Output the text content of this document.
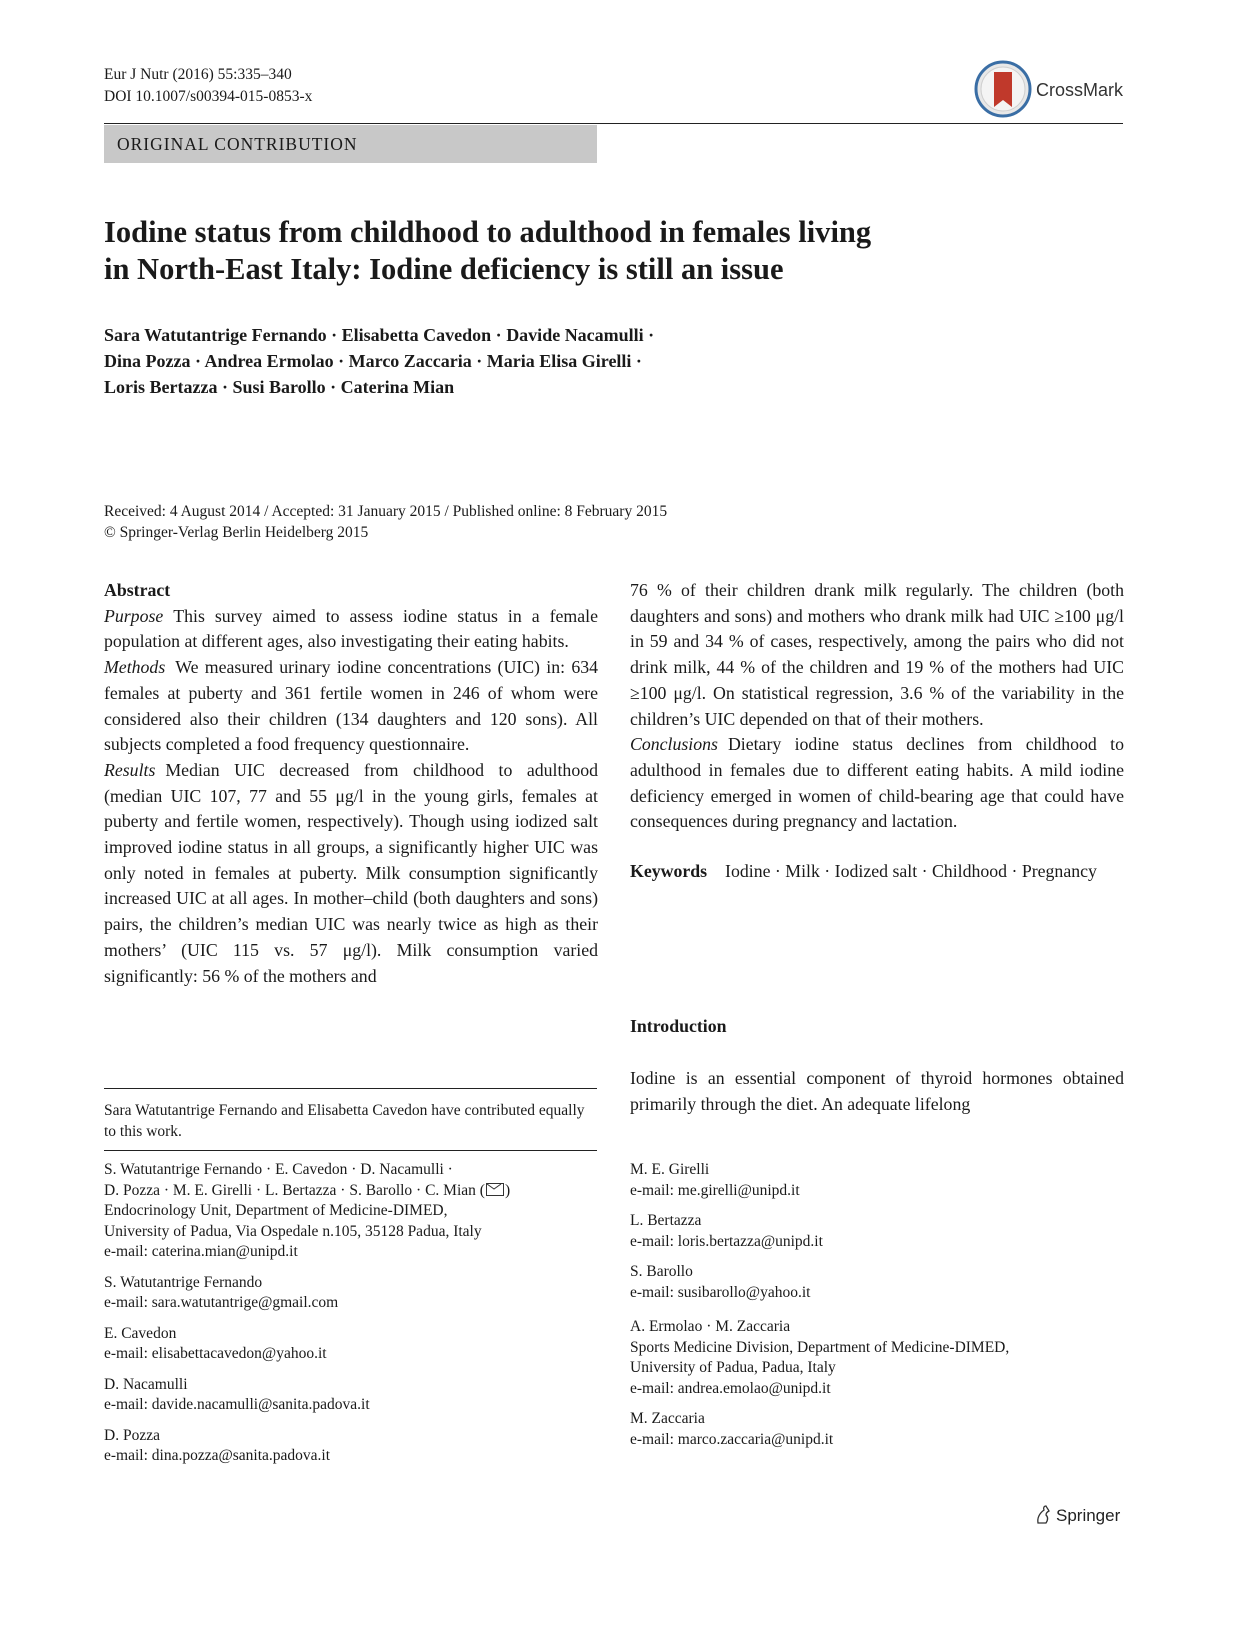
Eur J Nutr (2016) 55:335–340
DOI 10.1007/s00394-015-0853-x	CrossMark
ORIGINAL CONTRIBUTION
Iodine status from childhood to adulthood in females living
in North-East Italy: Iodine deficiency is still an issue
Sara Watutantrige Fernando · Elisabetta Cavedon · Davide Nacamulli ·
Dina Pozza · Andrea Ermolao · Marco Zaccaria · Maria Elisa Girelli ·
Loris Bertazza · Susi Barollo · Caterina Mian
Received: 4 August 2014 / Accepted: 31 January 2015 / Published online: 8 February 2015
© Springer-Verlag Berlin Heidelberg 2015

Abstract

Purpose This survey aimed to assess iodine status in a female population at different ages, also investigating their eating habits.

Methods We measured urinary iodine concentrations (UIC) in: 634 females at puberty and 361 fertile women in 246 of whom were considered also their children (134 daughters and 120 sons). All subjects completed a food frequency questionnaire.

Results Median UIC decreased from childhood to adulthood (median UIC 107, 77 and 55 μg/l in the young girls, females at puberty and fertile women, respectively). Though using iodized salt improved iodine status in all groups, a significantly higher UIC was only noted in females at puberty. Milk consumption significantly increased UIC at all ages. In mother–child (both daughters and sons) pairs, the children’s median UIC was nearly twice as high as their mothers’ (UIC 115 vs. 57 μg/l). Milk consumption varied significantly: 56 % of the mothers and

76 % of their children drank milk regularly. The children (both daughters and sons) and mothers who drank milk had UIC ≥100 μg/l in 59 and 34 % of cases, respectively, among the pairs who did not drink milk, 44 % of the children and 19 % of the mothers had UIC ≥100 μg/l. On statistical regression, 3.6 % of the variability in the children’s UIC depended on that of their mothers.

Conclusions Dietary iodine status declines from childhood to adulthood in females due to different eating habits. A mild iodine deficiency emerged in women of child-bearing age that could have consequences during pregnancy and lactation.

Keywords Iodine · Milk · Iodized salt · Childhood · Pregnancy

Introduction
Iodine is an essential component of thyroid hormones obtained primarily through the diet. An adequate lifelong
Sara Watutantrige Fernando and Elisabetta Cavedon have contributed equally to this work.
S. Watutantrige Fernando · E. Cavedon · D. Nacamulli ·
D. Pozza · M. E. Girelli · L. Bertazza · S. Barollo · C. Mian ( )
Endocrinology Unit, Department of Medicine-DIMED,
University of Padua, Via Ospedale n.105, 35128 Padua, Italy
e-mail: caterina.mian@unipd.it
S. Watutantrige Fernando
e-mail: sara.watutantrige@gmail.com
E. Cavedon
e-mail: elisabettacavedon@yahoo.it
D. Nacamulli
e-mail: davide.nacamulli@sanita.padova.it
D. Pozza
e-mail: dina.pozza@sanita.padova.it
M. E. Girelli
e-mail: me.girelli@unipd.it
L. Bertazza
e-mail: loris.bertazza@unipd.it
S. Barollo
e-mail: susibarollo@yahoo.it
A. Ermolao · M. Zaccaria
Sports Medicine Division, Department of Medicine-DIMED,
University of Padua, Padua, Italy
e-mail: andrea.emolao@unipd.it
M. Zaccaria
e-mail: marco.zaccaria@unipd.it
Springer
